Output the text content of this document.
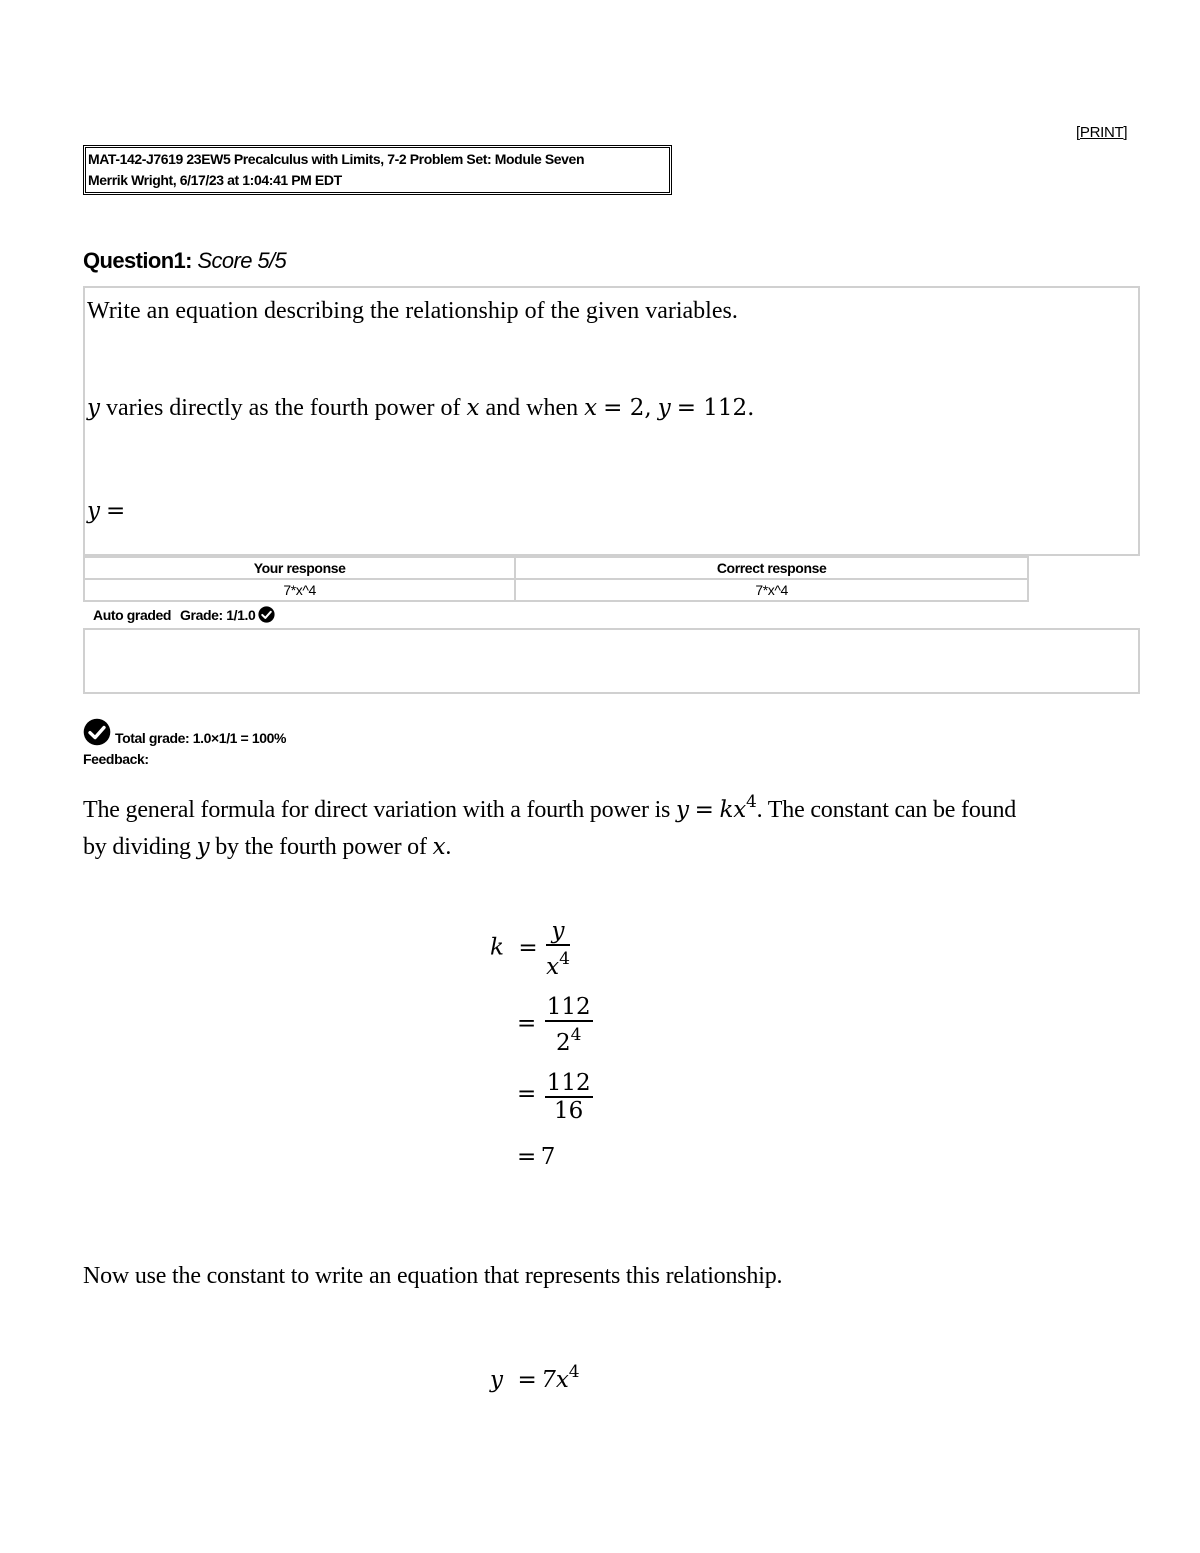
[PRINT]
MAT-142-J7619 23EW5 Precalculus with Limits, 7-2 Problem Set: Module Seven
Merrik Wright, 6/17/23 at 1:04:41 PM EDT
Question1: Score 5/5
Write an equation describing the relationship of the given variables.
y varies directly as the fourth power of x and when x = 2, y = 112.
y =
Your response	Correct response
7*x^4	7*x^4
Auto graded Grade: 1/1.0
Total grade: 1.0×1/1 = 100%
Feedback:
The general formula for direct variation with a fourth power is $y = kx^4$. The constant can be found
by dividing y by the fourth power of x.
$k = \frac{y}{x4}$
= $\frac{112}{24}$
= $\frac{112}{16}$
= 7
Now use the constant to write an equation that represents this relationship.
y = 7x4
